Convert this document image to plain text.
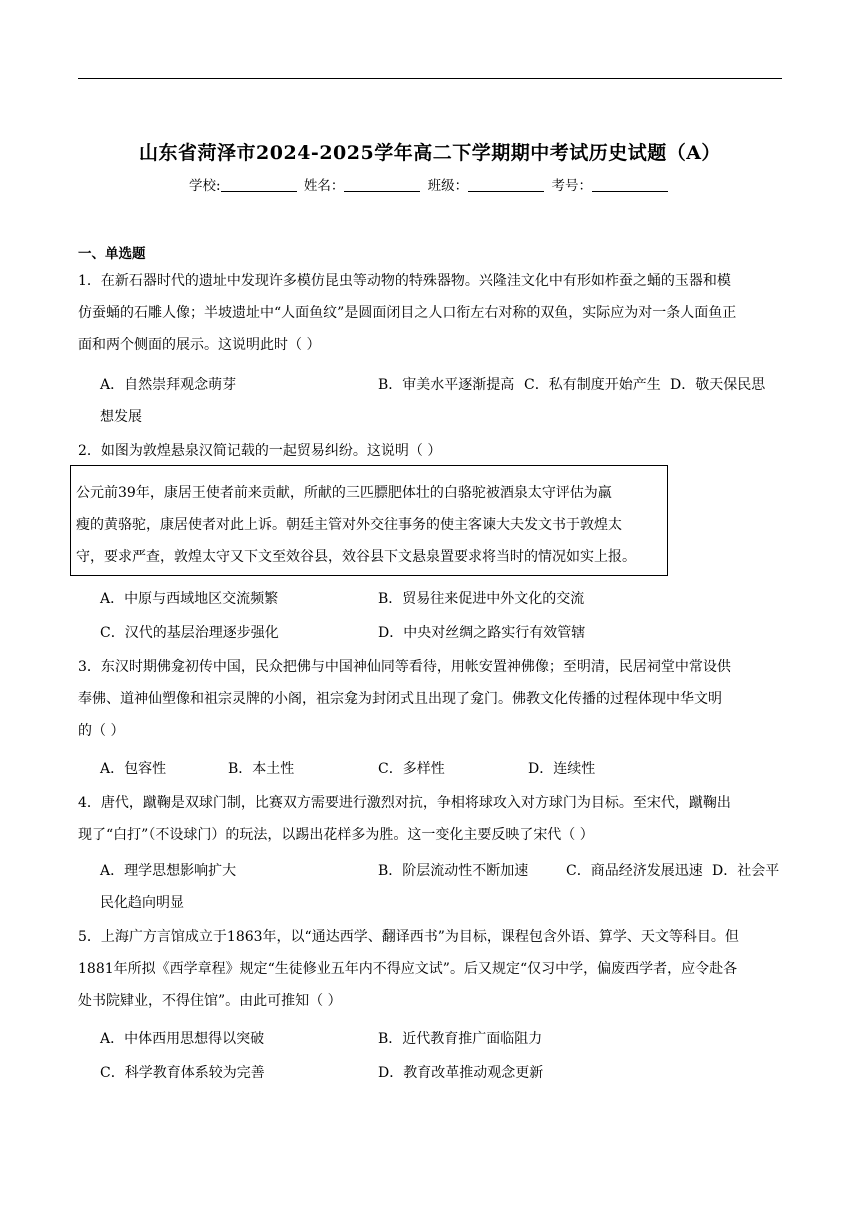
山东省菏泽市2024-2025学年高二下学期期中考试历史试题（A）
学校:	姓名：	班级：	考号：
一、单选题
1．在新石器时代的遗址中发现许多模仿昆虫等动物的特殊器物。兴隆洼文化中有形如柞蚕之蛹的玉器和模
仿蚕蛹的石雕人像；半坡遗址中“人面鱼纹”是圆面闭目之人口衔左右对称的双鱼，实际应为对一条人面鱼正
面和两个侧面的展示。这说明此时（ ）
A．自然崇拜观念萌芽	B．审美水平逐渐提高 C．私有制度开始产生 D．敬天保民思
想发展
2．如图为敦煌悬泉汉简记载的一起贸易纠纷。这说明（ ）
公元前39年，康居王使者前来贡献，所献的三匹膘肥体壮的白骆驼被酒泉太守评估为羸
瘦的黄骆驼，康居使者对此上诉。朝廷主管对外交往事务的使主客谏大夫发文书于敦煌太
守，要求严查，敦煌太守又下文至效谷县，效谷县下文悬泉置要求将当时的情况如实上报。
A．中原与西域地区交流频繁	B．贸易往来促进中外文化的交流
C．汉代的基层治理逐步强化	D．中央对丝绸之路实行有效管辖
3．东汉时期佛龛初传中国，民众把佛与中国神仙同等看待，用帐安置神佛像；至明清，民居祠堂中常设供
奉佛、道神仙塑像和祖宗灵牌的小阁，祖宗龛为封闭式且出现了龛门。佛教文化传播的过程体现中华文明
的（ ）
A．包容性	B．本土性	C．多样性	D．连续性
4．唐代，蹴鞠是双球门制，比赛双方需要进行激烈对抗，争相将球攻入对方球门为目标。至宋代，蹴鞠出
现了“白打”（不设球门）的玩法，以踢出花样多为胜。这一变化主要反映了宋代（ ）
A．理学思想影响扩大	B．阶层流动性不断加速	C．商品经济发展迅速 D．社会平
民化趋向明显
5．上海广方言馆成立于1863年，以“通达西学、翻译西书”为目标，课程包含外语、算学、天文等科目。但
1881年所拟《西学章程》规定“生徒修业五年内不得应文试”。后又规定“仅习中学，偏废西学者，应令赴各
处书院肄业，不得住馆”。由此可推知（ ）
A．中体西用思想得以突破	B．近代教育推广面临阻力
C．科学教育体系较为完善	D．教育改革推动观念更新
